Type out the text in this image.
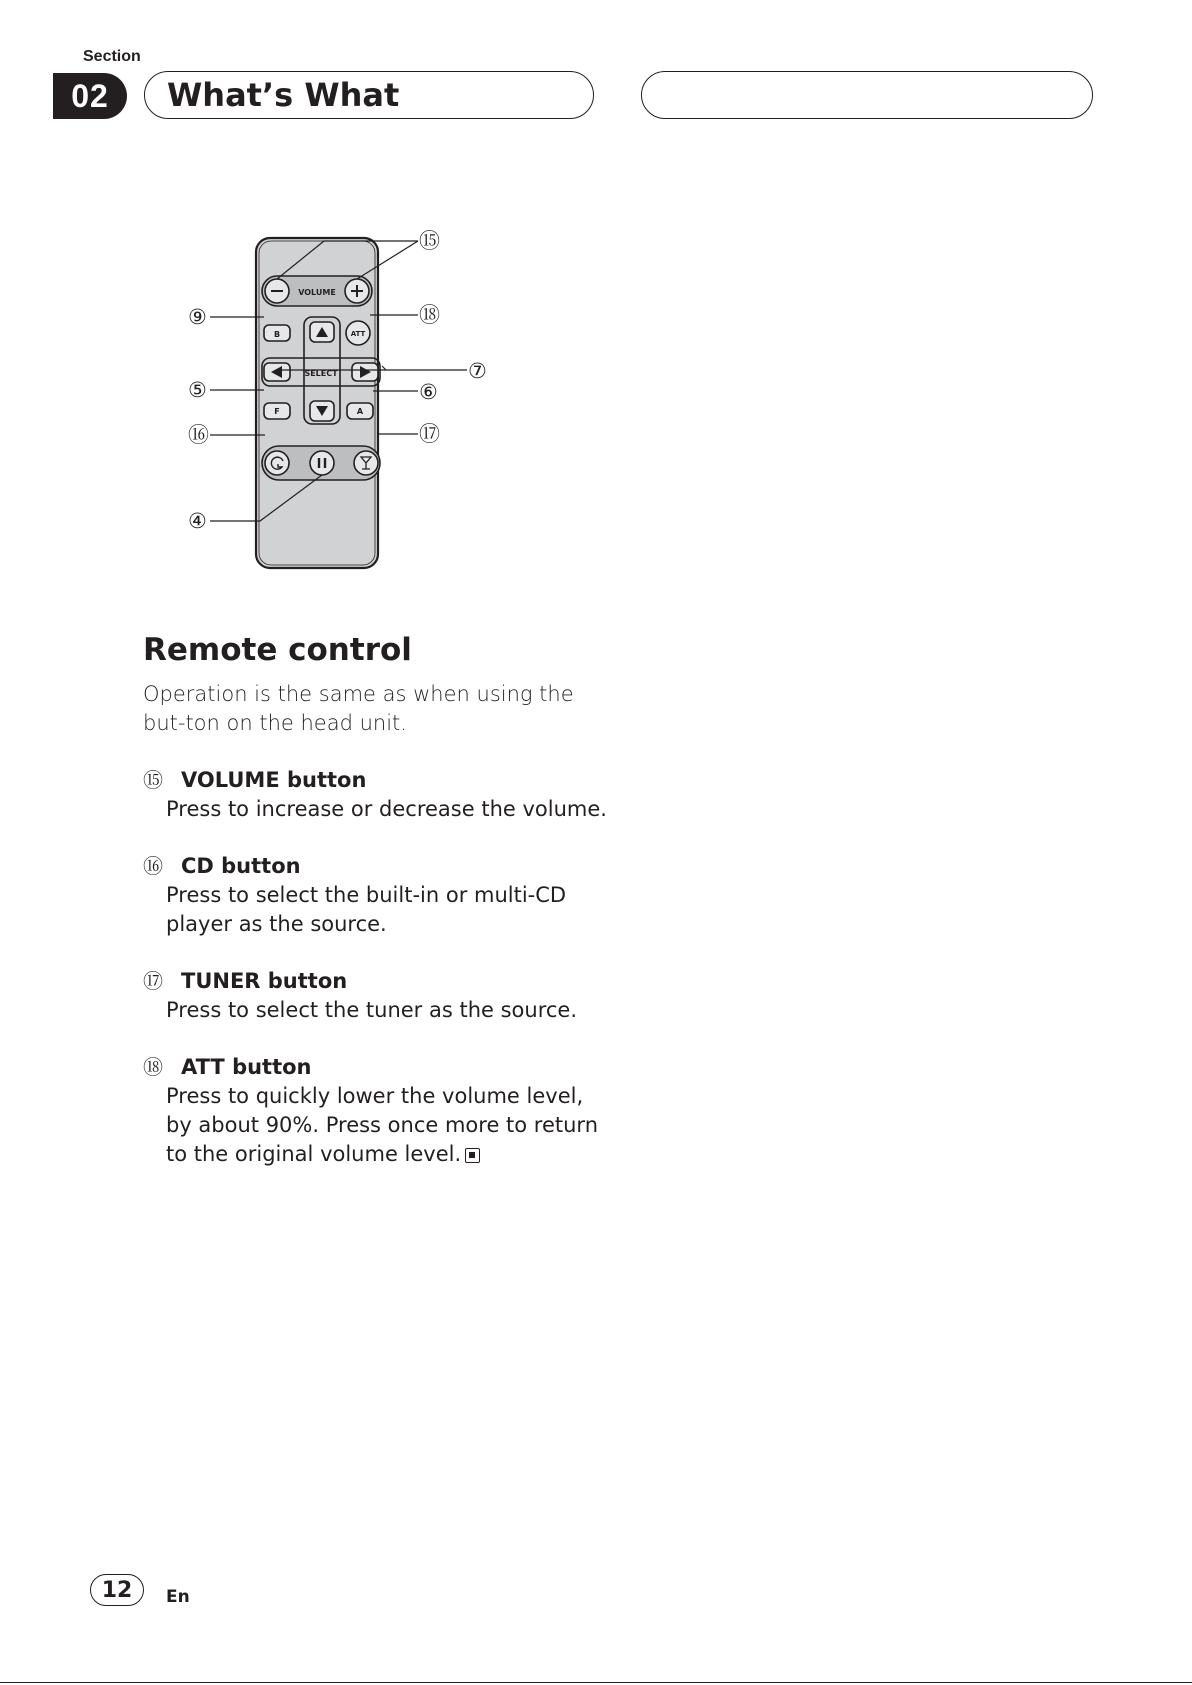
Section
02	What’s What
VOLUME
SELECT
B	ATT
F	A
⑮
⑨	⑱
⑦
⑤	⑥
⑯	⑰
④
Remote control

Operation is the same as when using the but-ton on the head unit.

⑮ VOLUME button

Press to increase or decrease the volume.

⑯ CD button

Press to select the built-in or multi-CD player as the source.

⑰ TUNER button

Press to select the tuner as the source.

⑱ ATT button

Press to quickly lower the volume level, by about 90%. Press once more to return to the original volume level.

12	En
